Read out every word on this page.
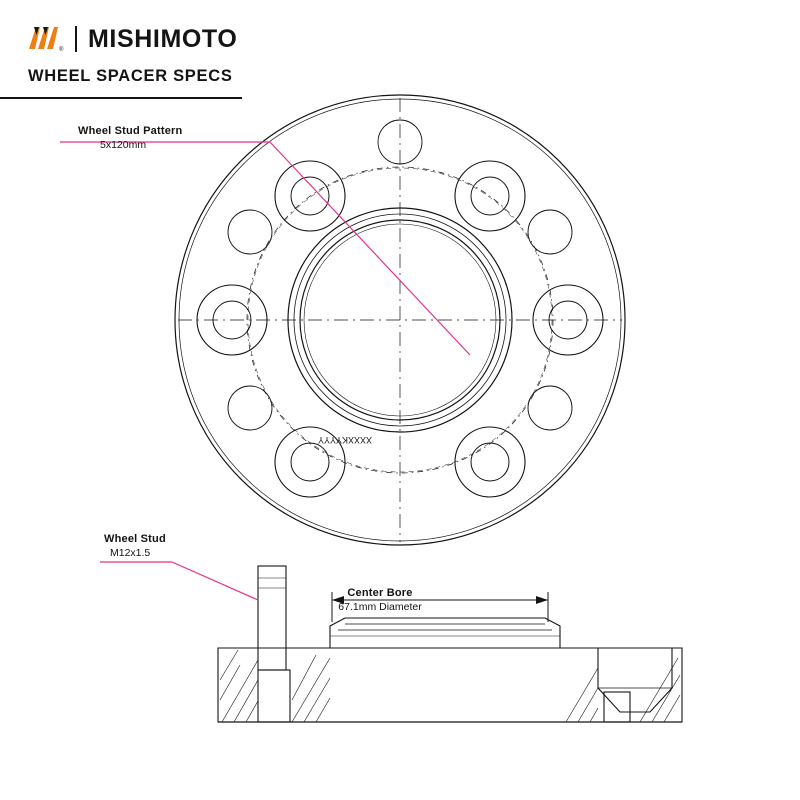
® MISHIMOTO
WHEEL SPACER SPECS
XXXXKYYYY
Wheel Stud Pattern
5x120mm
Wheel Stud
M12x1.5
Center Bore
67.1mm Diameter
